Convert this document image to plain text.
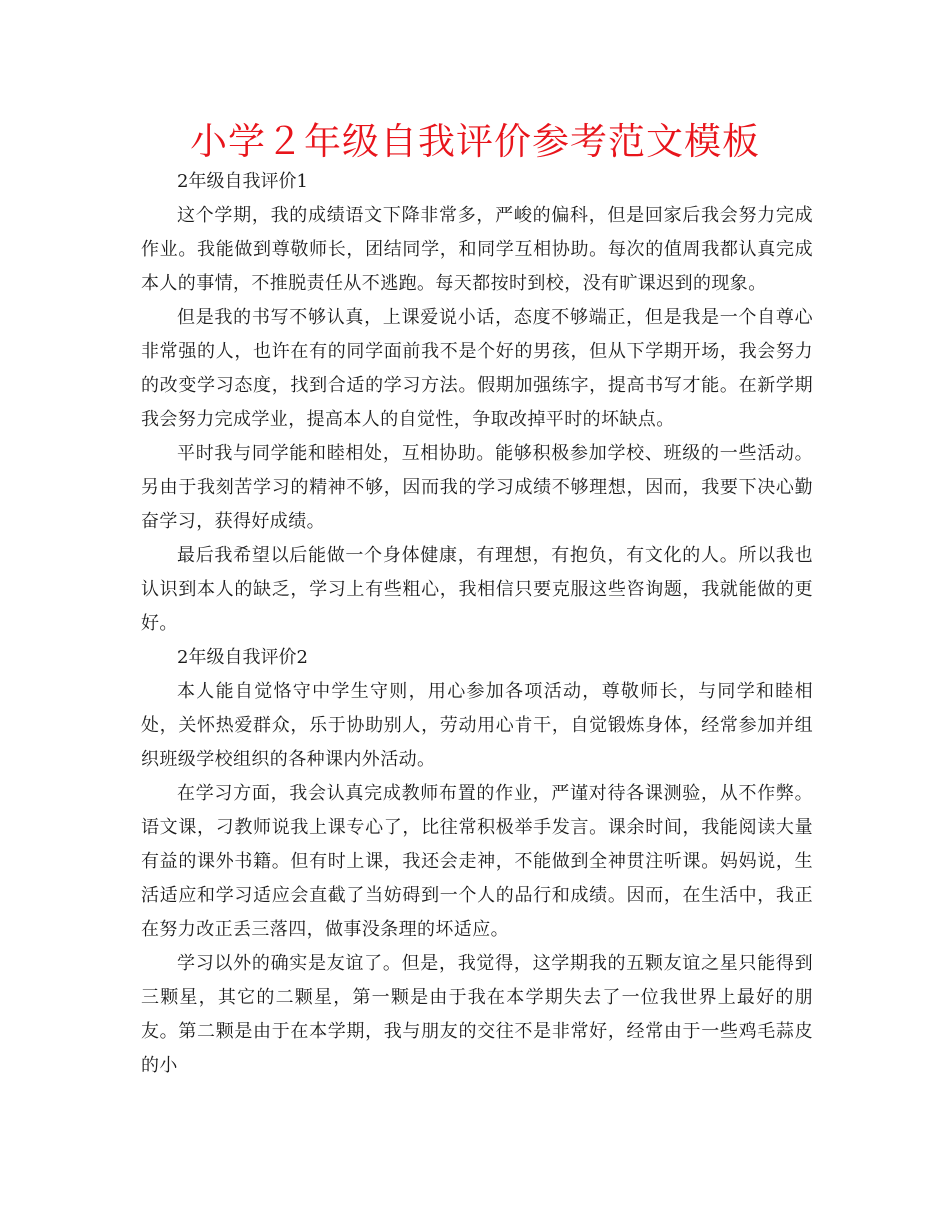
小学２年级自我评价参考范文模板

2年级自我评价1

这个学期，我的成绩语文下降非常多，严峻的偏科，但是回家后我会努力完成作业。我能做到尊敬师长，团结同学，和同学互相协助。每次的值周我都认真完成本人的事情，不推脱责任从不逃跑。每天都按时到校，没有旷课迟到的现象。

但是我的书写不够认真，上课爱说小话，态度不够端正，但是我是一个自尊心非常强的人，也许在有的同学面前我不是个好的男孩，但从下学期开场，我会努力的改变学习态度，找到合适的学习方法。假期加强练字，提高书写才能。在新学期我会努力完成学业，提高本人的自觉性，争取改掉平时的坏缺点。

平时我与同学能和睦相处，互相协助。能够积极参加学校、班级的一些活动。另由于我刻苦学习的精神不够，因而我的学习成绩不够理想，因而，我要下决心勤奋学习，获得好成绩。

最后我希望以后能做一个身体健康，有理想，有抱负，有文化的人。所以我也认识到本人的缺乏，学习上有些粗心，我相信只要克服这些咨询题，我就能做的更好。

2年级自我评价2

本人能自觉恪守中学生守则，用心参加各项活动，尊敬师长，与同学和睦相处，关怀热爱群众，乐于协助别人，劳动用心肯干，自觉锻炼身体，经常参加并组织班级学校组织的各种课内外活动。

在学习方面，我会认真完成教师布置的作业，严谨对待各课测验，从不作弊。语文课，刁教师说我上课专心了，比往常积极举手发言。课余时间，我能阅读大量有益的课外书籍。但有时上课，我还会走神，不能做到全神贯注听课。妈妈说，生活适应和学习适应会直截了当妨碍到一个人的品行和成绩。因而，在生活中，我正在努力改正丢三落四，做事没条理的坏适应。

学习以外的确实是友谊了。但是，我觉得，这学期我的五颗友谊之星只能得到三颗星，其它的二颗星，第一颗是由于我在本学期失去了一位我世界上最好的朋友。第二颗是由于在本学期，我与朋友的交往不是非常好，经常由于一些鸡毛蒜皮的小
